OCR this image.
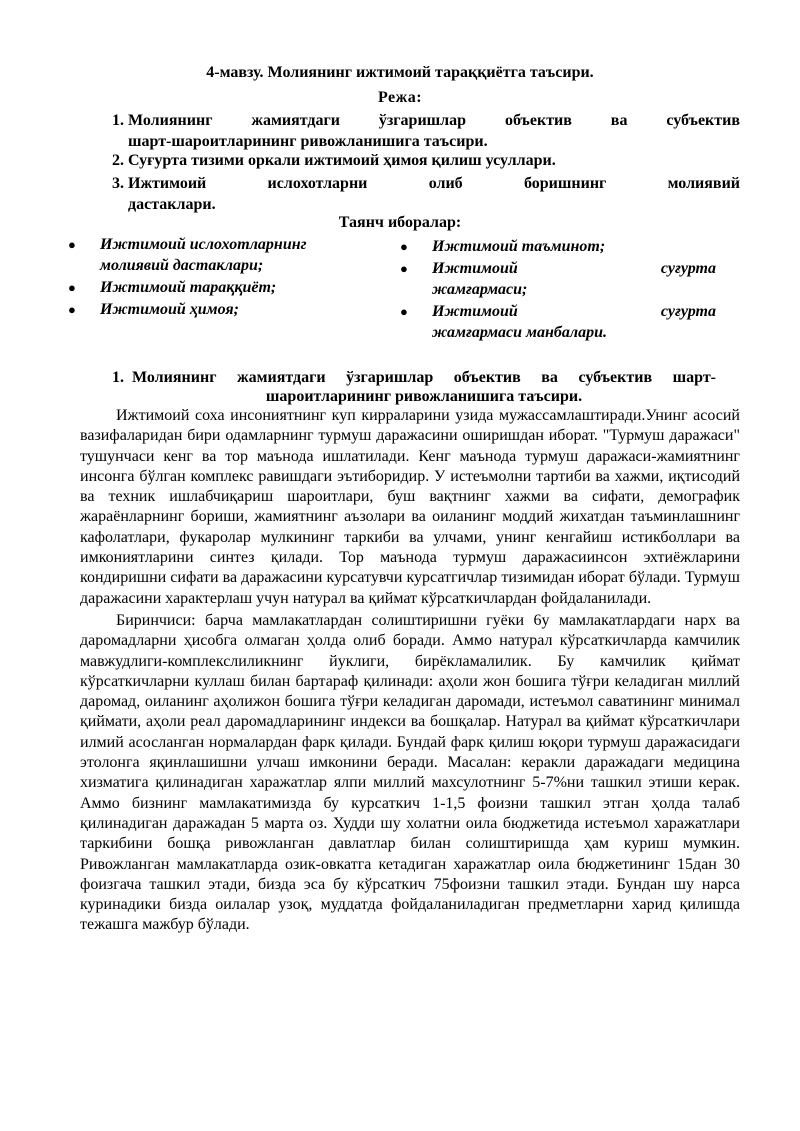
4-мавзу. Молиянинг ижтимоий тараққиётга таъсири.
Режа:
1. Молиянинг жамиятдаги ўзгаришлар объектив ва субъектив
шарт-шароитларининг ривожланишига таъсири.
2. Суғурта тизими оркали ижтимоий ҳимоя қилиш усуллари.
3. Ижтимоий ислохотларни олиб боришнинг молиявий
дастаклари.
Таянч иборалар:
●	Ижтимоий ислохотларнинг молиявий дастаклари;
●	Ижтимоий тараққиёт;
●	Ижтимоий ҳимоя;
●	Ижтимоий таъминот;
●	Ижтимоий суғурта
жамғармаси;
●	Ижтимоий суғурта
жамғармаси манбалари.
1. Молиянинг жамиятдаги ўзгаришлар объектив ва субъектив шарт-
шароитларининг ривожланишига таъсири.

Ижтимоий соха инсониятнинг куп кирраларини узида мужассамлаштиради.Унинг асосий вазифаларидан бири одамларнинг турмуш даражасини оширишдан иборат. "Турмуш даражаси" тушунчаси кенг ва тор маънода ишлатилади. Кенг маънода турмуш даражаси-жамиятнинг инсонга бўлган комплекс равишдаги эътиборидир. У истеъмолни тартиби ва хажми, иқтисодий ва техник ишлабчиқариш шароитлари, буш вақтнинг хажми ва сифати, демографик жараёнларнинг бориши, жамиятнинг аъзолари ва оиланинг моддий жихатдан таъминлашнинг кафолатлари, фукаролар мулкининг таркиби ва улчами, унинг кенгайиш истикболлари ва имкониятларини синтез қилади. Тор маънода турмуш даражасиинсон эхтиёжларини кондиришни сифати ва даражасини курсатувчи курсатгичлар тизимидан иборат бўлади. Турмуш даражасини характерлаш учун натурал ва қиймат кўрсаткичлардан фойдаланилади.

Биринчиси: барча мамлакатлардан солиштиришни гуёки 6у мамлакатлардаги нарх ва даромадларни ҳисобга олмаган ҳолда олиб боради. Аммо натурал кўрсаткичларда камчилик мавжудлиги-комплекслиликнинг йуклиги, бирёкламалилик. Бу камчилик қиймат кўрсаткичларни куллаш билан бартараф қилинади: аҳоли жон бошига тўғри келадиган миллий даромад, оиланинг аҳолижон бошига тўғри келадиган даромади, истеъмол саватининг минимал қиймати, аҳоли реал даромадларининг индекси ва бошқалар. Натурал ва қиймат кўрсаткичлари илмий асосланган нормалардан фарк қилади. Бундай фарк қилиш юқори турмуш даражасидаги этолонга яқинлашишни улчаш имконини беради. Масалан: керакли даражадаги медицина хизматига қилинадиган харажатлар ялпи миллий махсулотнинг 5-7%ни ташкил этиши керак. Аммо бизнинг мамлакатимизда бу курсаткич 1-1,5 фоизни ташкил этган ҳолда талаб қилинадиган даражадан 5 марта оз. Худди шу холатни оила бюджетида истеъмол харажатлари таркибини бошқа ривожланган давлатлар билан солиштиришда ҳам куриш мумкин. Ривожланган мамлакатларда озик-овкатга кетадиган харажатлар оила бюджетининг 15дан 30 фоизгача ташкил этади, бизда эса бу кўрсаткич 75фоизни ташкил этади. Бундан шу нарса куринадики бизда оилалар узоқ, муддатда фойдаланиладиган предметларни харид қилишда тежашга мажбур бўлади.
